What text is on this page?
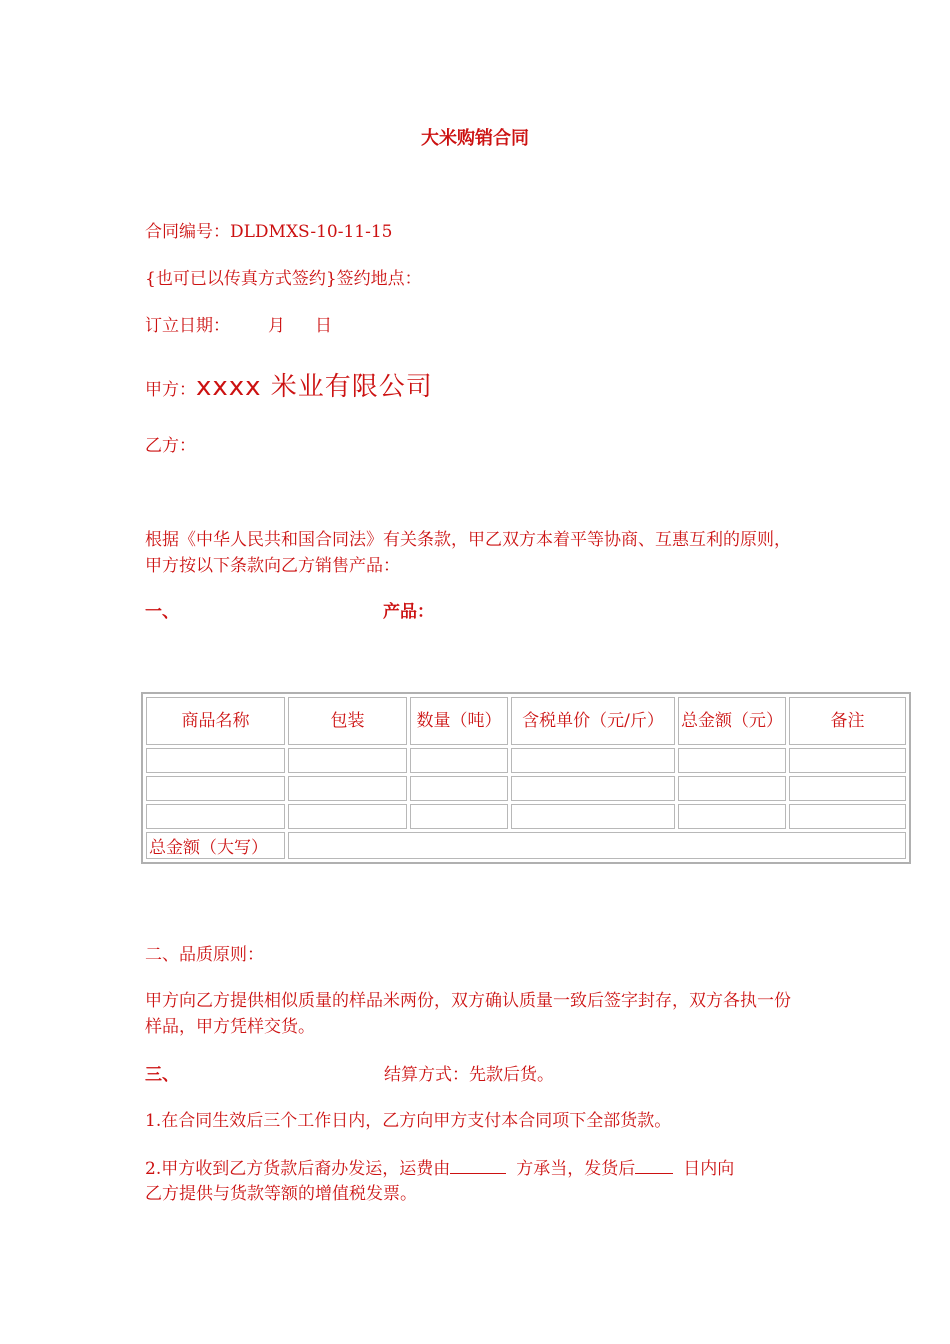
大米购销合同
合同编号：DLDMXS-10-11-15
{也可已以传真方式签约}签约地点：
订立日期： 月 日
甲方：xxxx 米业有限公司
乙方：
根据《中华人民共和国合同法》有关条款，甲乙双方本着平等协商、互惠互利的原则，甲方按以下条款向乙方销售产品：
一、	产品：
商品名称	包装	数量（吨）	含税单价（元/斤）	总金额（元）	备注

总金额（大写）					
二、品质原则：
甲方向乙方提供相似质量的样品米两份，双方确认质量一致后签字封存，双方各执一份样品，甲方凭样交货。
三、	结算方式：先款后货。
1.在合同生效后三个工作日内，乙方向甲方支付本合同项下全部货款。
2.甲方收到乙方货款后裔办发运，运费由	方承当，发货后	日内向
乙方提供与货款等额的增值税发票。
